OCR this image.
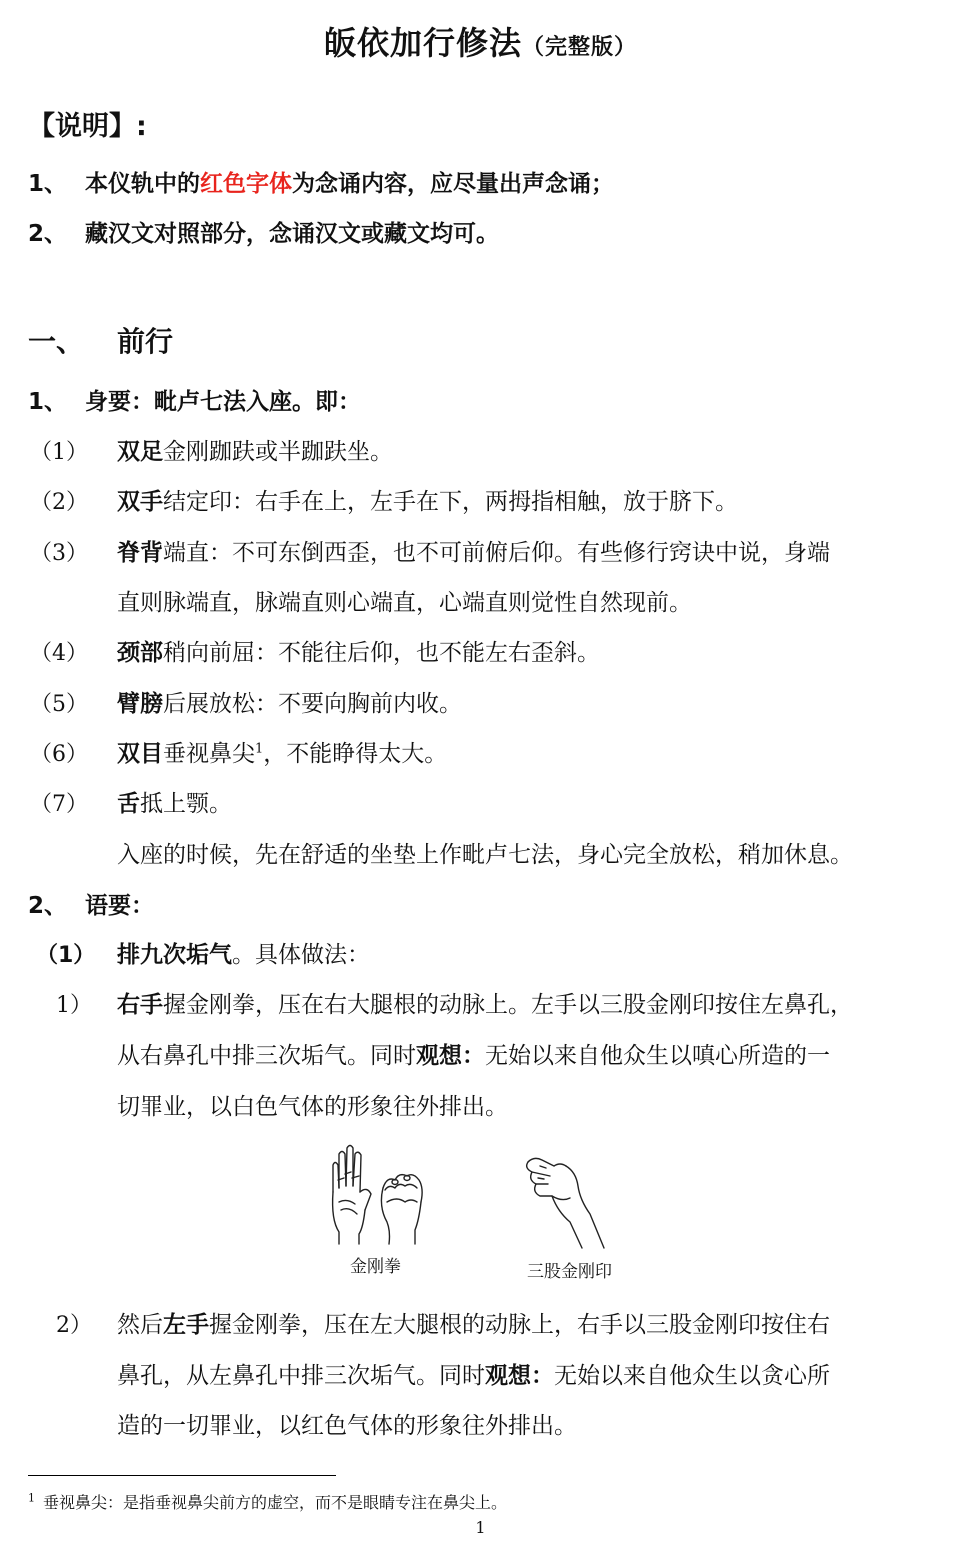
皈依加行修法（完整版）
【说明】:
1、 本仪轨中的红色字体为念诵内容，应尽量出声念诵；
2、 藏汉文对照部分，念诵汉文或藏文均可。
一、 前行
1、 身要：毗卢七法入座。即：
（1） 双足金刚跏趺或半跏趺坐。
（2） 双手结定印：右手在上，左手在下，两拇指相触，放于脐下。
（3） 脊背端直：不可东倒西歪，也不可前俯后仰。有些修行窍诀中说，身端
直则脉端直，脉端直则心端直，心端直则觉性自然现前。
（4） 颈部稍向前屈：不能往后仰，也不能左右歪斜。
（5） 臂膀后展放松：不要向胸前内收。
（6） 双目垂视鼻尖$^1$，不能睁得太大。
（7） 舌抵上颚。
入座的时候，先在舒适的坐垫上作毗卢七法，身心完全放松，稍加休息。
2、 语要：
（1） 排九次垢气。具体做法：
1） 右手握金刚拳，压在右大腿根的动脉上。左手以三股金刚印按住左鼻孔，
从右鼻孔中排三次垢气。同时观想：无始以来自他众生以嗔心所造的一
切罪业，以白色气体的形象往外排出。
金刚拳	三股金刚印
2） 然后左手握金刚拳，压在左大腿根的动脉上，右手以三股金刚印按住右
鼻孔，从左鼻孔中排三次垢气。同时观想：无始以来自他众生以贪心所
造的一切罪业，以红色气体的形象往外排出。
$^1$ 垂视鼻尖：是指垂视鼻尖前方的虚空，而不是眼睛专注在鼻尖上。
1
